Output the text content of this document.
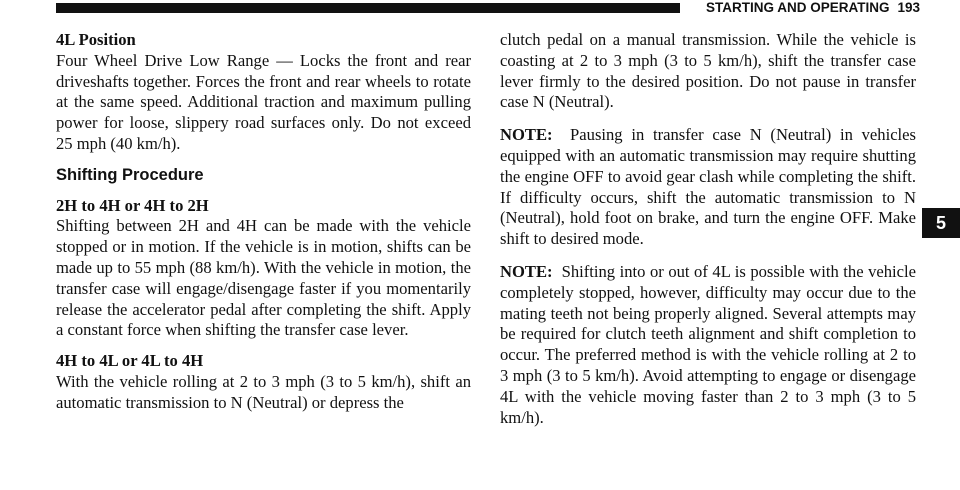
STARTING AND OPERATING 193
4L Position

Four Wheel Drive Low Range — Locks the front and rear driveshafts together. Forces the front and rear wheels to rotate at the same speed. Additional traction and maximum pulling power for loose, slippery road surfaces only. Do not exceed 25 mph (40 km/h).

Shifting Procedure
2H to 4H or 4H to 2H

Shifting between 2H and 4H can be made with the vehicle stopped or in motion. If the vehicle is in motion, shifts can be made up to 55 mph (88 km/h). With the vehicle in motion, the transfer case will engage/disengage faster if you momentarily release the accelerator pedal after completing the shift. Apply a constant force when shifting the transfer case lever.

4H to 4L or 4L to 4H

With the vehicle rolling at 2 to 3 mph (3 to 5 km/h), shift an automatic transmission to N (Neutral) or depress the

clutch pedal on a manual transmission. While the vehicle is coasting at 2 to 3 mph (3 to 5 km/h), shift the transfer case lever firmly to the desired position. Do not pause in transfer case N (Neutral).

NOTE: Pausing in transfer case N (Neutral) in vehicles equipped with an automatic transmission may require shutting the engine OFF to avoid gear clash while completing the shift. If difficulty occurs, shift the automatic transmission to N (Neutral), hold foot on brake, and turn the engine OFF. Make shift to desired mode.

NOTE: Shifting into or out of 4L is possible with the vehicle completely stopped, however, difficulty may occur due to the mating teeth not being properly aligned. Several attempts may be required for clutch teeth alignment and shift completion to occur. The preferred method is with the vehicle rolling at 2 to 3 mph (3 to 5 km/h). Avoid attempting to engage or disengage 4L with the vehicle moving faster than 2 to 3 mph (3 to 5 km/h).

5
